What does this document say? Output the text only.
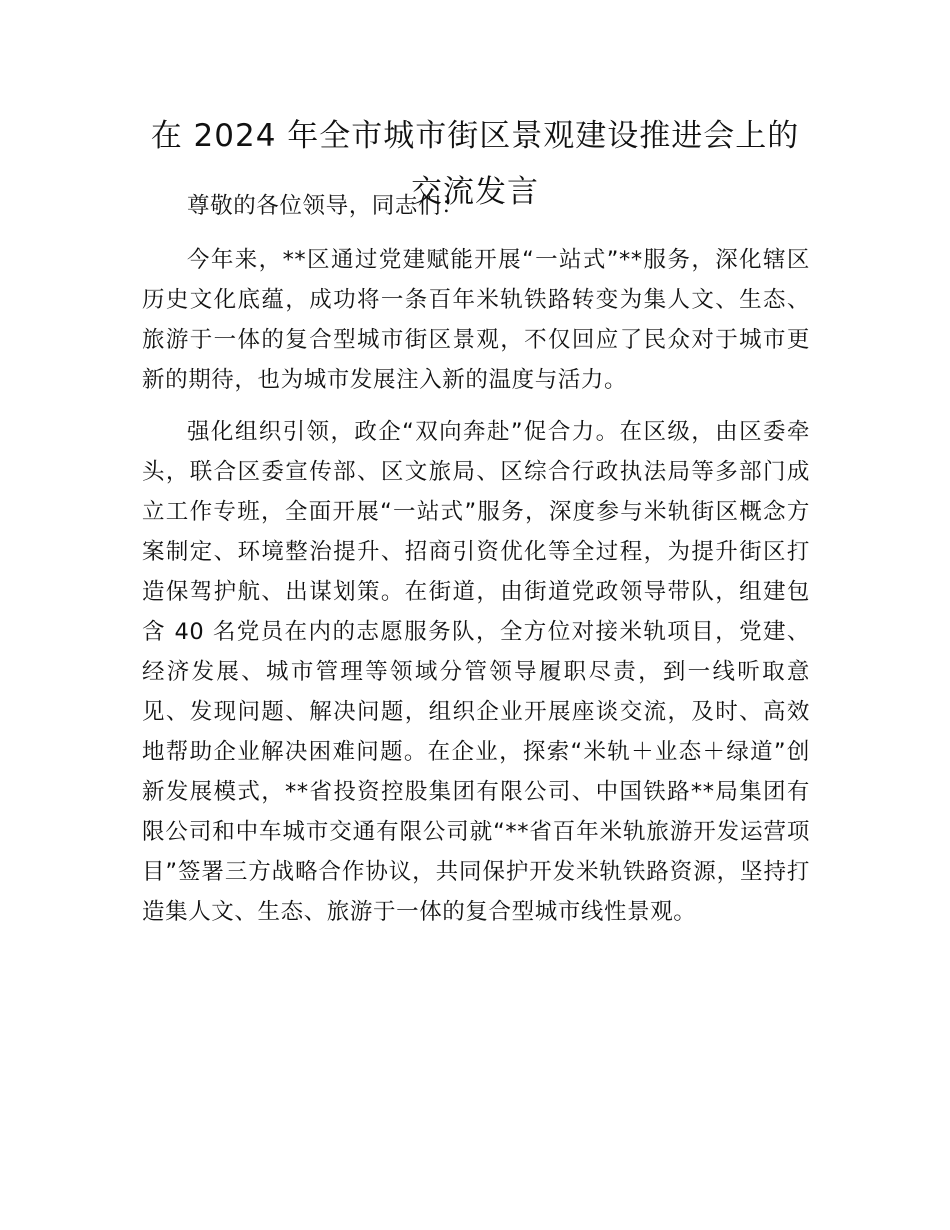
在 2024 年全市城市街区景观建设推进会上的
交流发言

尊敬的各位领导，同志们：

今年来，**区通过党建赋能开展“一站式”**服务，深化辖区历史文化底蕴，成功将一条百年米轨铁路转变为集人文、生态、旅游于一体的复合型城市街区景观，不仅回应了民众对于城市更新的期待，也为城市发展注入新的温度与活力。

强化组织引领，政企“双向奔赴”促合力。在区级，由区委牵头，联合区委宣传部、区文旅局、区综合行政执法局等多部门成立工作专班，全面开展“一站式”服务，深度参与米轨街区概念方案制定、环境整治提升、招商引资优化等全过程，为提升街区打造保驾护航、出谋划策。在街道，由街道党政领导带队，组建包含 40 名党员在内的志愿服务队，全方位对接米轨项目，党建、经济发展、城市管理等领域分管领导履职尽责，到一线听取意见、发现问题、解决问题，组织企业开展座谈交流，及时、高效地帮助企业解决困难问题。在企业，探索“米轨＋业态＋绿道”创新发展模式，**省投资控股集团有限公司、中国铁路**局集团有限公司和中车城市交通有限公司就“**省百年米轨旅游开发运营项目”签署三方战略合作协议，共同保护开发米轨铁路资源，坚持打造集人文、生态、旅游于一体的复合型城市线性景观。
